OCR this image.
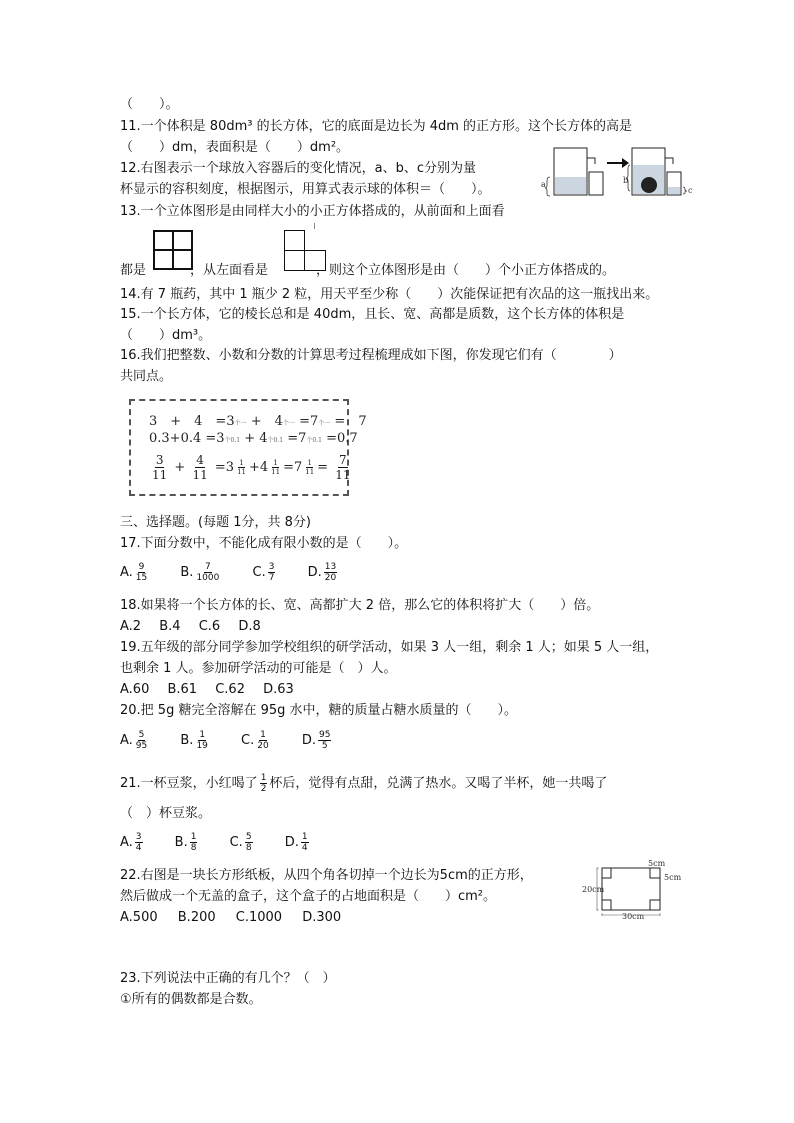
（　　）。
11.一个体积是 80dm³ 的长方体，它的底面是边长为 4dm 的正方形。这个长方体的高是
（　　）dm，表面积是（　　）dm²。
12.右图表示一个球放入容器后的变化情况，a、b、c分别为量
杯显示的容积刻度，根据图示，用算式表示球的体积＝（　　）。	a	b
c
13.一个立体图形是由同样大小的小正方体搭成的，从前面和上面看
都是	，从左面看是	，则这个立体图形是由（　　）个小正方体搭成的。
14.有 7 瓶药，其中 1 瓶少 2 粒，用天平至少称（　　）次能保证把有次品的这一瓶找出来。
15.一个长方体，它的棱长总和是 40dm，且长、宽、高都是质数，这个长方体的体积是
（　　）dm³。
16.我们把整数、小数和分数的计算思考过程梳理成如下图，你发现它们有（　　　　）
共同点。
3　+　4　=3个一 +　4个一 =7个一 =　7
0.3+0.4 =3个0.1 + 4个0.1 =7个0.1 =0.7
$\frac{3}{11} + \frac{4}{11} =3 \frac{1}{11} +4 \frac{1}{11} =7 \frac{1}{11} = \frac{7}{11}$
三、选择题。(每题 1分，共 8分)
17.下面分数中，不能化成有限小数的是（　　）。
A. $\frac{9}{15} B$. $\frac{7}{1000} C$. $\frac{3}{7} D$. $\frac{13}{20}$
18.如果将一个长方体的长、宽、高都扩大 2 倍，那么它的体积将扩大（　　）倍。
A.2 B.4 C.6 D.8
19.五年级的部分同学参加学校组织的研学活动，如果 3 人一组，剩余 1 人；如果 5 人一组，
也剩余 1 人。参加研学活动的可能是（　）人。
A.60 B.61 C.62 D.63
20.把 5g 糖完全溶解在 95g 水中，糖的质量占糖水质量的（　　）。
A. $\frac{5}{95} B$. $\frac{1}{19} C$. $\frac{1}{20} D$. $\frac{95}{5}$
21.一杯豆浆，小红喝了 $\frac{1}{2}$ 杯后，觉得有点甜，兑满了热水。又喝了半杯，她一共喝了
（　）杯豆浆。
A. $\frac{3}{4} B$. $\frac{1}{8} C$. $\frac{5}{8} D$. $\frac{1}{4}$
22.右图是一块长方形纸板，从四个角各切掉一个边长为5cm的正方形，
然后做成一个无盖的盒子，这个盒子的占地面积是（　　）cm²。
A.500 B.200 C.1000 D.300
5cm
5cm
20cm
30cm
23.下列说法中正确的有几个？（　）
①所有的偶数都是合数。
